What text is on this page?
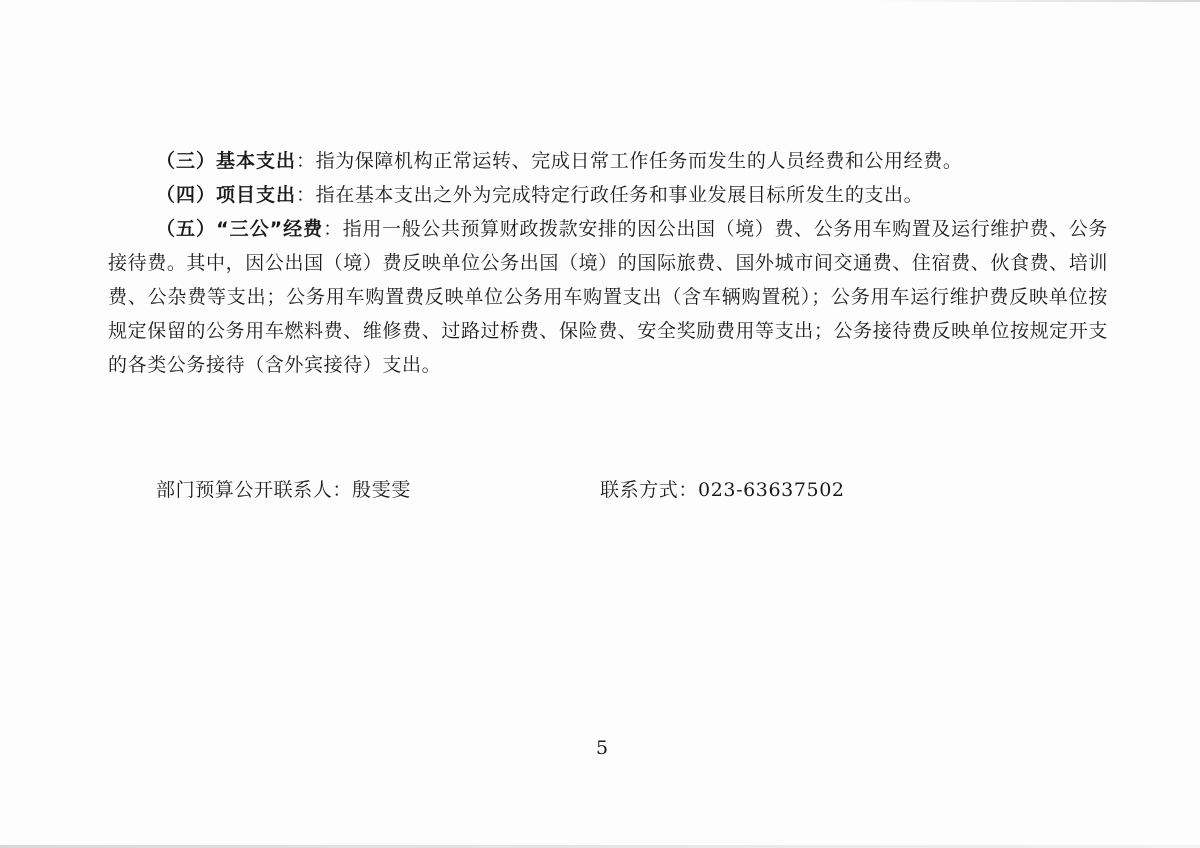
（三）基本支出：指为保障机构正常运转、完成日常工作任务而发生的人员经费和公用经费。

（四）项目支出：指在基本支出之外为完成特定行政任务和事业发展目标所发生的支出。

（五）“三公”经费：指用一般公共预算财政拨款安排的因公出国（境）费、公务用车购置及运行维护费、公务接待费。其中，因公出国（境）费反映单位公务出国（境）的国际旅费、国外城市间交通费、住宿费、伙食费、培训费、公杂费等支出；公务用车购置费反映单位公务用车购置支出（含车辆购置税）；公务用车运行维护费反映单位按规定保留的公务用车燃料费、维修费、过路过桥费、保险费、安全奖励费用等支出；公务接待费反映单位按规定开支的各类公务接待（含外宾接待）支出。

部门预算公开联系人：殷雯雯	联系方式：023-63637502
5
